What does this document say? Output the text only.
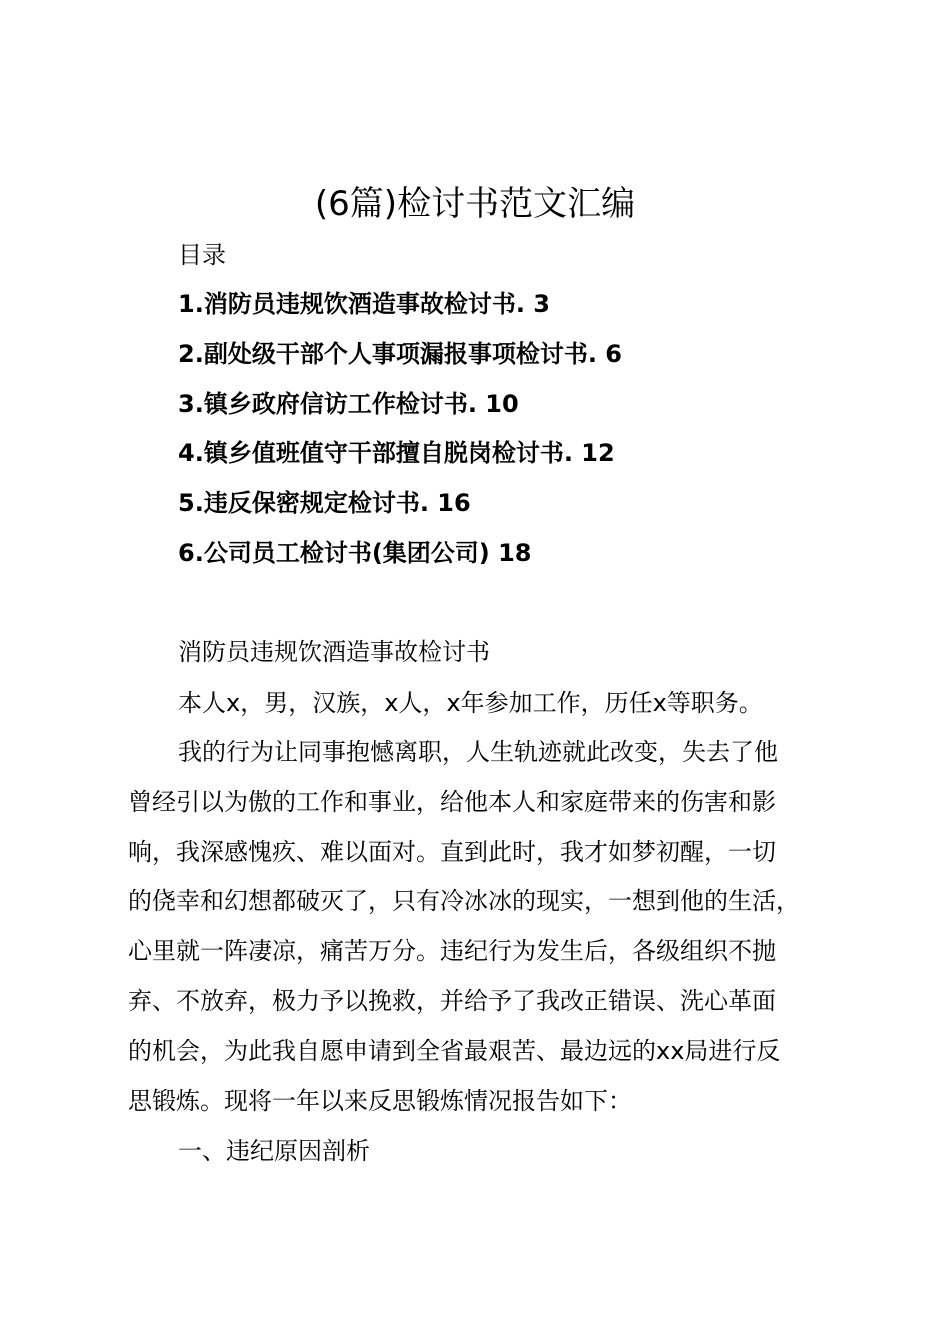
(6篇)检讨书范文汇编
目录
1.消防员违规饮酒造事故检讨书. 3
2.副处级干部个人事项漏报事项检讨书. 6
3.镇乡政府信访工作检讨书. 10
4.镇乡值班值守干部擅自脱岗检讨书. 12
5.违反保密规定检讨书. 16
6.公司员工检讨书(集团公司) 18
消防员违规饮酒造事故检讨书
本人x，男，汉族，x人，x年参加工作，历任x等职务。
我的行为让同事抱憾离职，人生轨迹就此改变，失去了他
曾经引以为傲的工作和事业，给他本人和家庭带来的伤害和影
响，我深感愧疚、难以面对。直到此时，我才如梦初醒，一切
的侥幸和幻想都破灭了，只有冷冰冰的现实，一想到他的生活，
心里就一阵凄凉，痛苦万分。违纪行为发生后，各级组织不抛
弃、不放弃，极力予以挽救，并给予了我改正错误、洗心革面
的机会，为此我自愿申请到全省最艰苦、最边远的xx局进行反
思锻炼。现将一年以来反思锻炼情况报告如下：
一、违纪原因剖析
